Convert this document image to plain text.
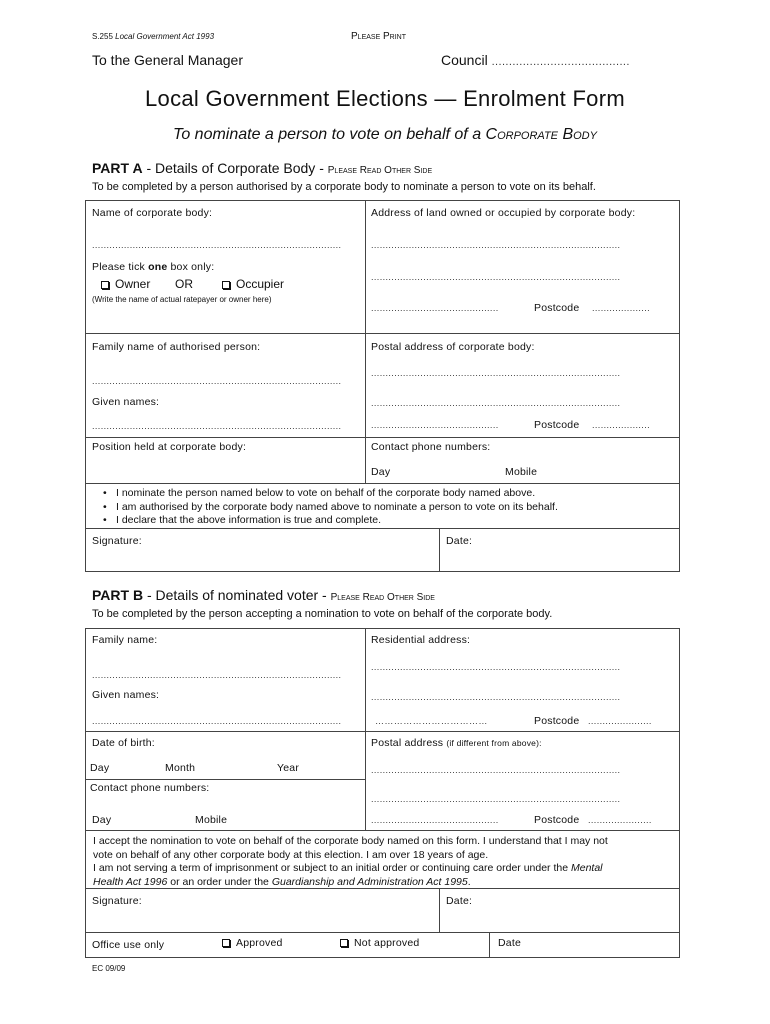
S.255 Local Government Act 1993	Please Print
To the General Manager	Council ........................................
Local Government Elections — Enrolment Form
To nominate a person to vote on behalf of a Corporate Body
PART A - Details of Corporate Body - Please Read Other Side
To be completed by a person authorised by a corporate body to nominate a person to vote on its behalf.
Name of corporate body:
......................................................................................
Please tick one box only:
Owner OR	Occupier
(Write the name of actual ratepayer or owner here)
Address of land owned or occupied by corporate body:
......................................................................................
......................................................................................
............................................	Postcode ....................
Family name of authorised person:
......................................................................................
Given names:
......................................................................................
Postal address of corporate body:
......................................................................................
......................................................................................
............................................	Postcode ....................
Position held at corporate body:	Contact phone numbers:
Day	Mobile
• I nominate the person named below to vote on behalf of the corporate body named above.
• I am authorised by the corporate body named above to nominate a person to vote on its behalf.
• I declare that the above information is true and complete.
Signature:	Date:
PART B - Details of nominated voter - Please Read Other Side
To be completed by the person accepting a nomination to vote on behalf of the corporate body.
Family name:
......................................................................................
Given names:
......................................................................................
Date of birth:
Day	Month	Year
Contact phone numbers:
Day	Mobile
Residential address:
......................................................................................
......................................................................................
………………………………	Postcode ......................
Postal address (if different from above):
......................................................................................
......................................................................................
............................................	Postcode ......................
I accept the nomination to vote on behalf of the corporate body named on this form. I understand that I may not
vote on behalf of any other corporate body at this election. I am over 18 years of age.
I am not serving a term of imprisonment or subject to an initial order or continuing care order under the Mental
Health Act 1996 or an order under the Guardianship and Administration Act 1995.
Signature:	Date:
Office use only	Approved	Not approved	Date
EC 09/09
